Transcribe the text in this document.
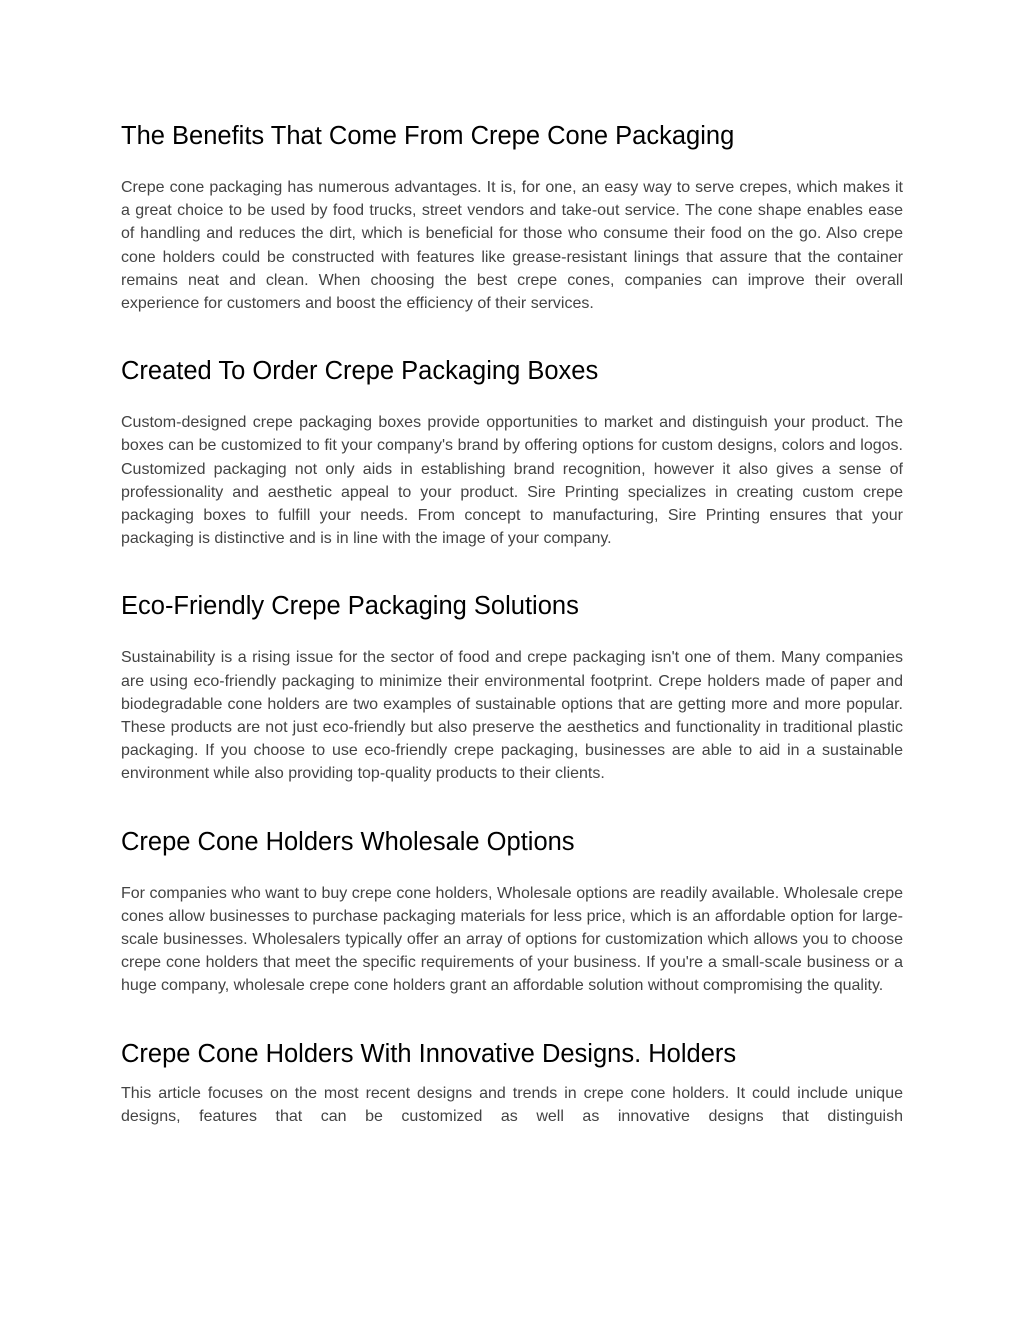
The Benefits That Come From Crepe Cone Packaging

Crepe cone packaging has numerous advantages. It is, for one, an easy way to serve crepes, which makes it a great choice to be used by food trucks, street vendors and take-out service. The cone shape enables ease of handling and reduces the dirt, which is beneficial for those who consume their food on the go. Also crepe cone holders could be constructed with features like grease-resistant linings that assure that the container remains neat and clean. When choosing the best crepe cones, companies can improve their overall experience for customers and boost the efficiency of their services.

Created To Order Crepe Packaging Boxes

Custom-designed crepe packaging boxes provide opportunities to market and distinguish your product. The boxes can be customized to fit your company's brand by offering options for custom designs, colors and logos. Customized packaging not only aids in establishing brand recognition, however it also gives a sense of professionality and aesthetic appeal to your product. Sire Printing specializes in creating custom crepe packaging boxes to fulfill your needs. From concept to manufacturing, Sire Printing ensures that your packaging is distinctive and is in line with the image of your company.

Eco-Friendly Crepe Packaging Solutions

Sustainability is a rising issue for the sector of food and crepe packaging isn't one of them. Many companies are using eco-friendly packaging to minimize their environmental footprint. Crepe holders made of paper and biodegradable cone holders are two examples of sustainable options that are getting more and more popular. These products are not just eco-friendly but also preserve the aesthetics and functionality in traditional plastic packaging. If you choose to use eco-friendly crepe packaging, businesses are able to aid in a sustainable environment while also providing top-quality products to their clients.

Crepe Cone Holders Wholesale Options

For companies who want to buy crepe cone holders, Wholesale options are readily available. Wholesale crepe cones allow businesses to purchase packaging materials for less price, which is an affordable option for large-scale businesses. Wholesalers typically offer an array of options for customization which allows you to choose crepe cone holders that meet the specific requirements of your business. If you're a small-scale business or a huge company, wholesale crepe cone holders grant an affordable solution without compromising the quality.

Crepe Cone Holders With Innovative Designs. Holders

This article focuses on the most recent designs and trends in crepe cone holders. It could include unique designs, features that can be customized as well as innovative designs that distinguish
